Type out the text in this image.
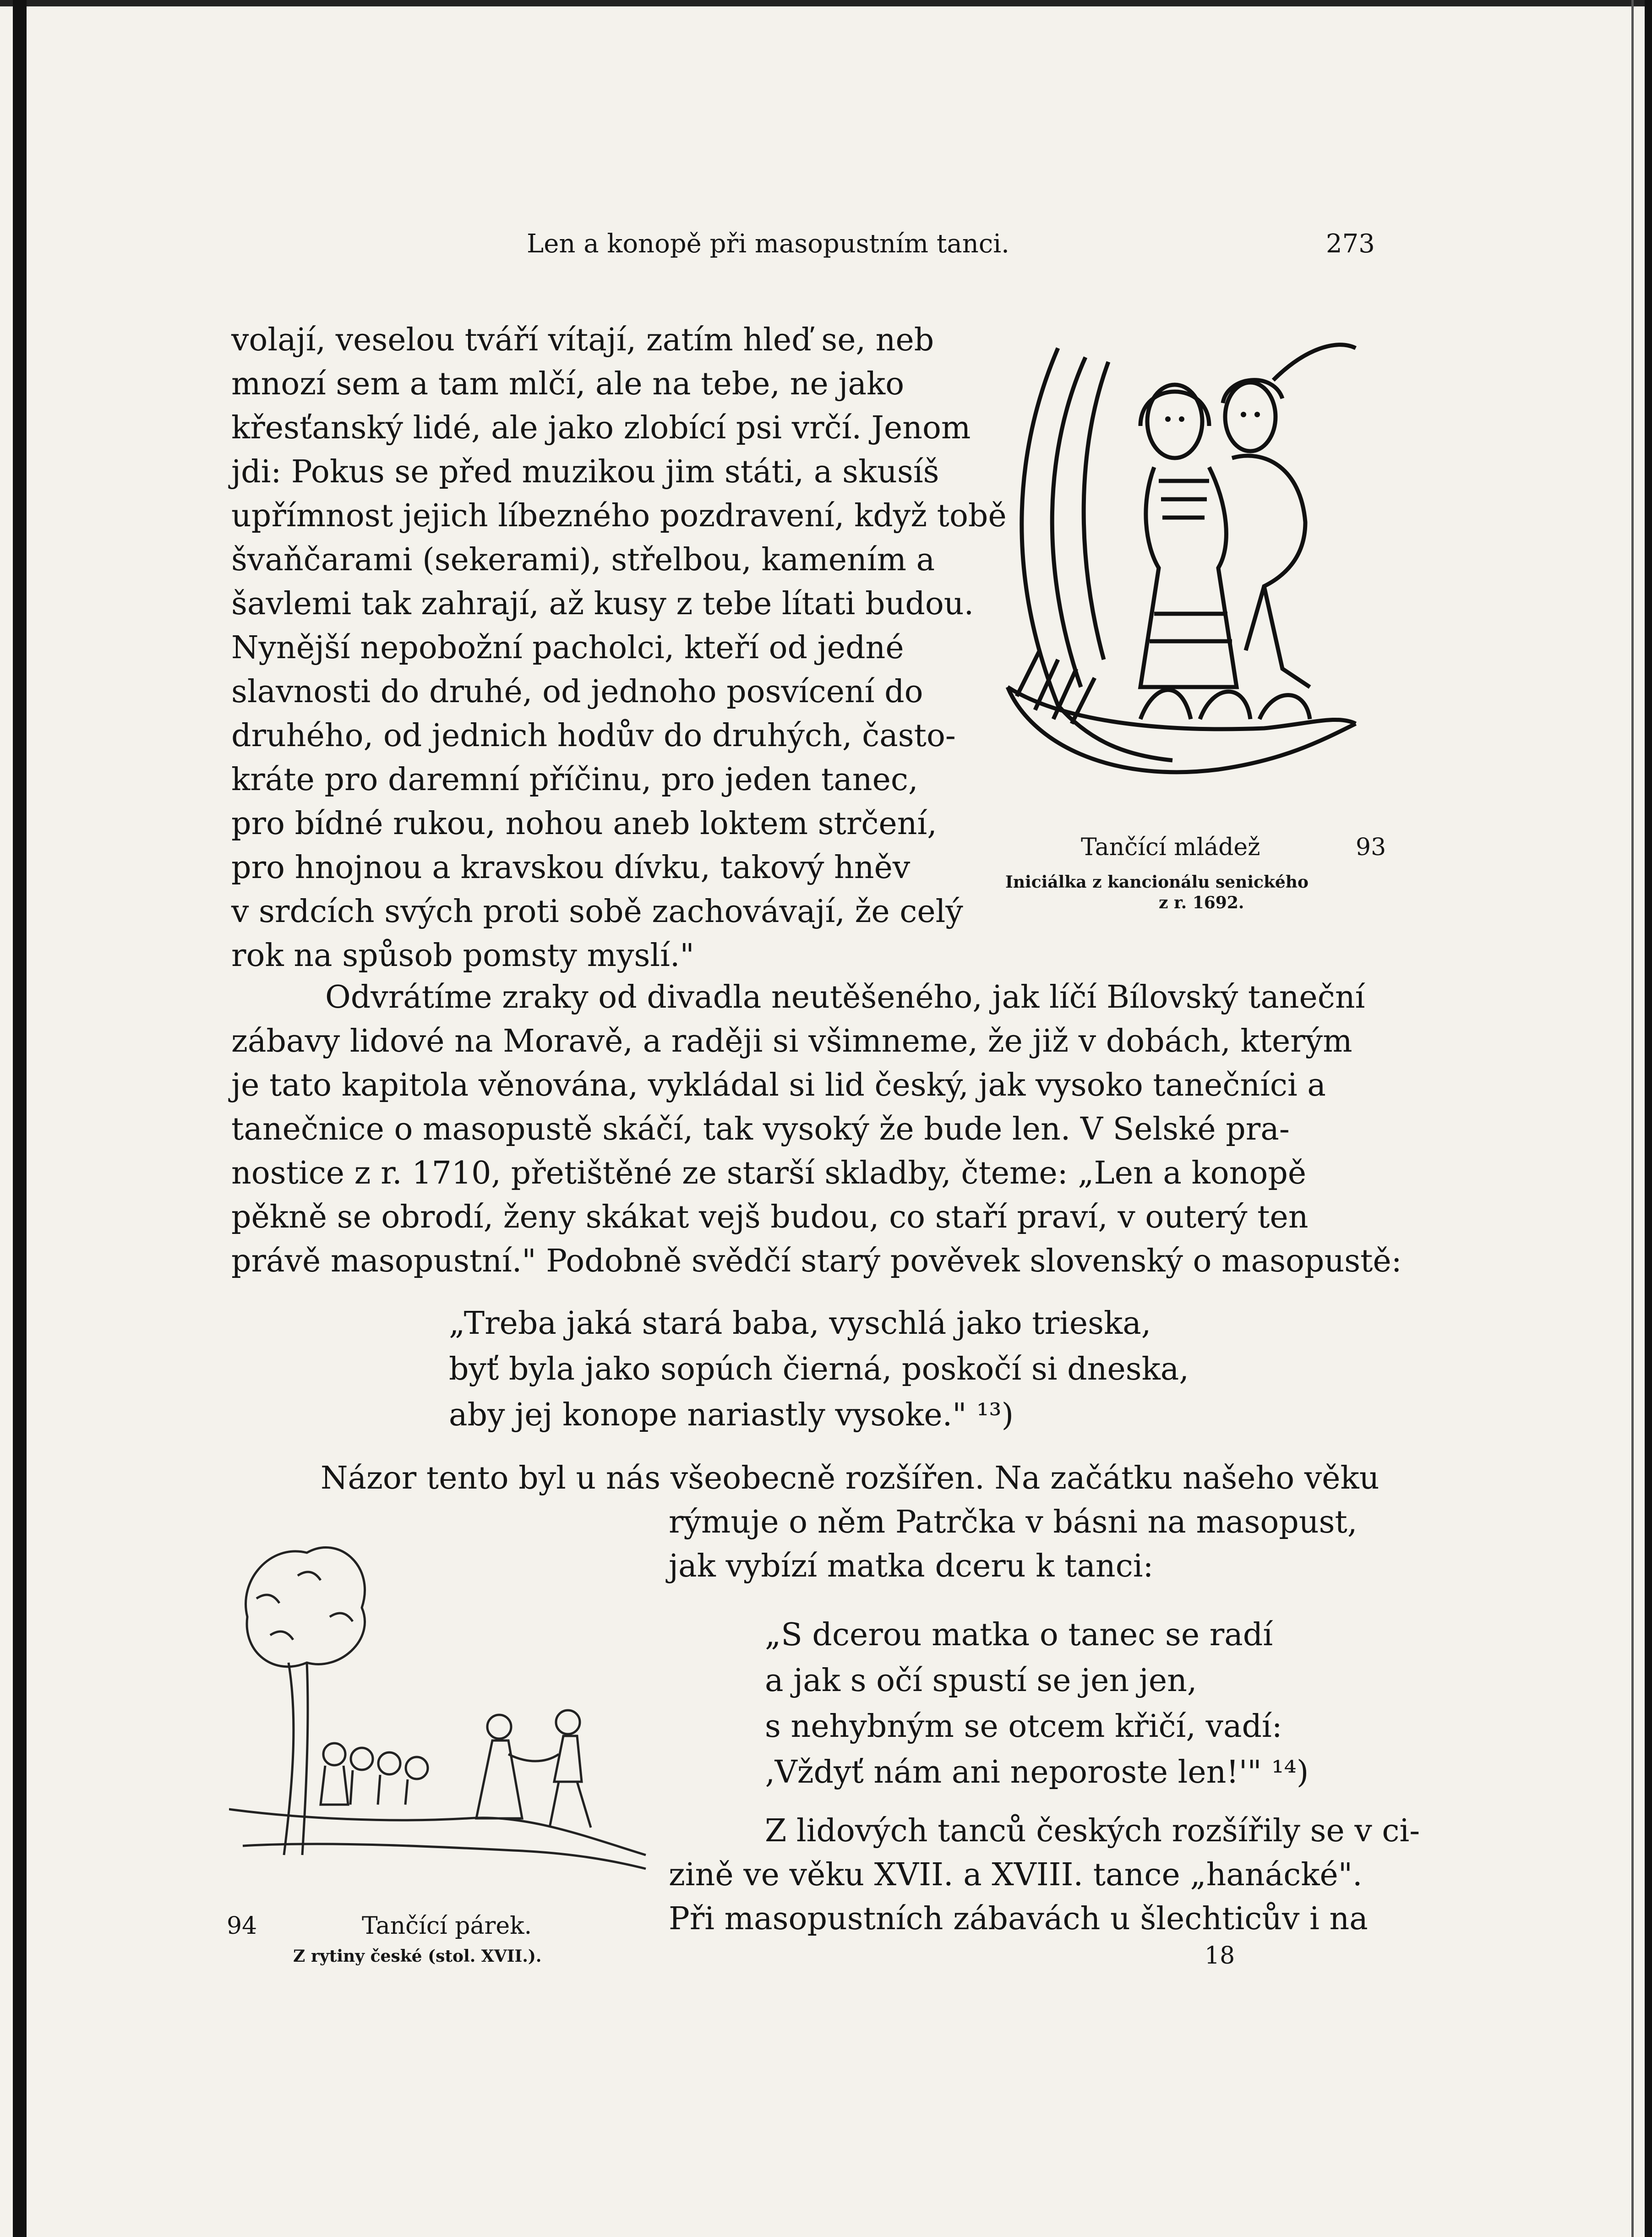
Len a konopě při masopustním tanci.	273
volají, veselou tváří vítají, zatím hleď se, neb
mnozí sem a tam mlčí, ale na tebe, ne jako
křesťanský lidé, ale jako zlobící psi vrčí. Jenom
jdi: Pokus se před muzikou jim státi, a skusíš
upřímnost jejich líbezného pozdravení, když tobě
švaňčarami (sekerami), střelbou, kamením a
šavlemi tak zahrají, až kusy z tebe lítati budou.
Nynější nepobožní pacholci, kteří od jedné
slavnosti do druhé, od jednoho posvícení do
druhého, od jednich hodův do druhých, často-
kráte pro daremní příčinu, pro jeden tanec,
pro bídné rukou, nohou aneb loktem strčení,
pro hnojnou a kravskou dívku, takový hněv
v srdcích svých proti sobě zachovávají, že celý
rok na spůsob pomsty myslí."
Tančící mládež	93
Iniciálka z kancionálu senického
z r. 1692.
Odvrátíme zraky od divadla neutěšeného, jak líčí Bílovský taneční
zábavy lidové na Moravě, a raději si všimneme, že již v dobách, kterým
je tato kapitola věnována, vykládal si lid český, jak vysoko tanečníci a
tanečnice o masopustě skáčí, tak vysoký že bude len. V Selské pra-
nostice z r. 1710, přetištěné ze starší skladby, čteme: „Len a konopě
pěkně se obrodí, ženy skákat vejš budou, co staří praví, v outerý ten
právě masopustní." Podobně svědčí starý pověvek slovenský o masopustě:
„Treba jaká stará baba, vyschlá jako trieska,
byť byla jako sopúch čierná, poskočí si dneska,
aby jej konope nariastly vysoke." ¹³)
Názor tento byl u nás všeobecně rozšířen. Na začátku našeho věku
rýmuje o něm Patrčka v básni na masopust,
jak vybízí matka dceru k tanci:
„S dcerou matka o tanec se radí
a jak s očí spustí se jen jen,
s nehybným se otcem křičí, vadí:
‚Vždyť nám ani neporoste len!'" ¹⁴)
Z lidových tanců českých rozšířily se v ci-
zině ve věku XVII. a XVIII. tance „hanácké".
Při masopustních zábavách u šlechticův i na
94	Tančící párek.
Z rytiny české (stol. XVII.).	18
